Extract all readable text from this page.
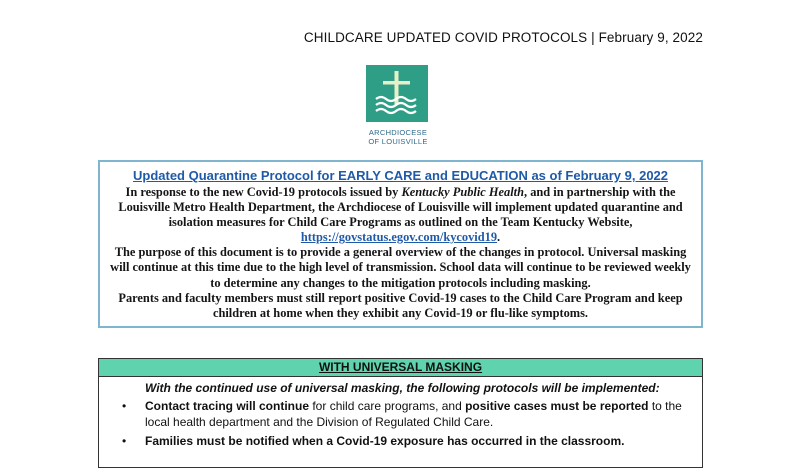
CHILDCARE UPDATED COVID PROTOCOLS | February 9, 2022
ARCHDIOCESE
OF LOUISVILLE
Updated Quarantine Protocol for EARLY CARE and EDUCATION as of February 9, 2022

In response to the new Covid-19 protocols issued by Kentucky Public Health, and in partnership with the Louisville Metro Health Department, the Archdiocese of Louisville will implement updated quarantine and isolation measures for Child Care Programs as outlined on the Team Kentucky Website, https://govstatus.egov.com/kycovid19.

The purpose of this document is to provide a general overview of the changes in protocol. Universal masking will continue at this time due to the high level of transmission. School data will continue to be reviewed weekly to determine any changes to the mitigation protocols including masking.

Parents and faculty members must still report positive Covid-19 cases to the Child Care Program and keep children at home when they exhibit any Covid-19 or flu-like symptoms.

WITH UNIVERSAL MASKING
With the continued use of universal masking, the following protocols will be implemented:
• Contact tracing will continue for child care programs, and positive cases must be reported to the local health department and the Division of Regulated Child Care.
• Families must be notified when a Covid-19 exposure has occurred in the classroom.
